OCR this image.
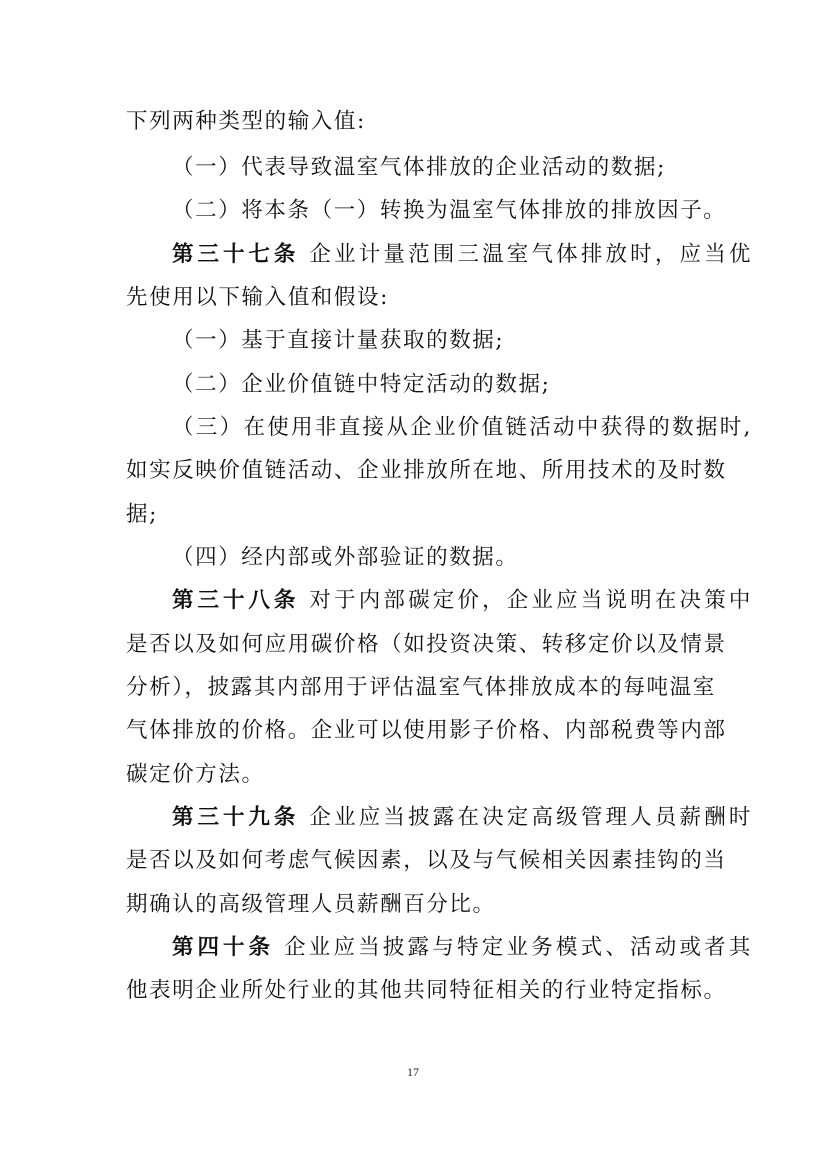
下列两种类型的输入值:
（一）代表导致温室气体排放的企业活动的数据;
（二）将本条（一）转换为温室气体排放的排放因子。
第三十七条 企业计量范围三温室气体排放时，应当优
先使用以下输入值和假设:
（一）基于直接计量获取的数据;
（二）企业价值链中特定活动的数据;
（三）在使用非直接从企业价值链活动中获得的数据时,
如实反映价值链活动、企业排放所在地、所用技术的及时数
据;
（四）经内部或外部验证的数据。
第三十八条 对于内部碳定价，企业应当说明在决策中
是否以及如何应用碳价格（如投资决策、转移定价以及情景
分析），披露其内部用于评估温室气体排放成本的每吨温室
气体排放的价格。企业可以使用影子价格、内部税费等内部
碳定价方法。
第三十九条 企业应当披露在决定高级管理人员薪酬时
是否以及如何考虑气候因素，以及与气候相关因素挂钩的当
期确认的高级管理人员薪酬百分比。
第四十条 企业应当披露与特定业务模式、活动或者其
他表明企业所处行业的其他共同特征相关的行业特定指标。
17
